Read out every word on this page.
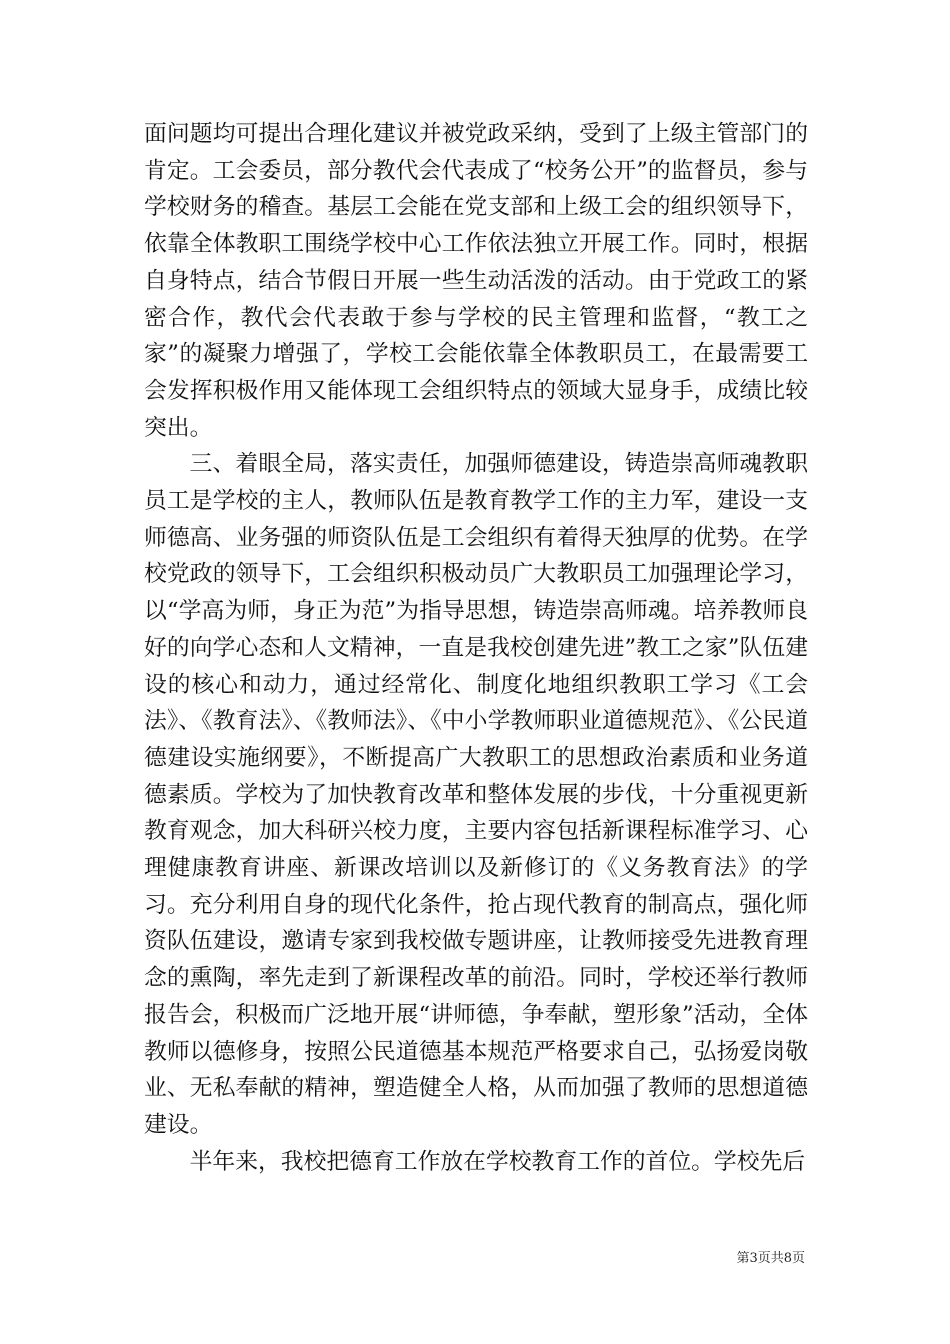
面问题均可提出合理化建议并被党政采纳，受到了上级主管部门的肯定。工会委员，部分教代会代表成了“校务公开”的监督员，参与学校财务的稽查。基层工会能在党支部和上级工会的组织领导下，依靠全体教职工围绕学校中心工作依法独立开展工作。同时，根据自身特点，结合节假日开展一些生动活泼的活动。由于党政工的紧密合作，教代会代表敢于参与学校的民主管理和监督，“教工之家”的凝聚力增强了，学校工会能依靠全体教职员工，在最需要工会发挥积极作用又能体现工会组织特点的领域大显身手，成绩比较突出。

三、着眼全局，落实责任，加强师德建设，铸造崇高师魂教职员工是学校的主人，教师队伍是教育教学工作的主力军，建设一支师德高、业务强的师资队伍是工会组织有着得天独厚的优势。在学校党政的领导下，工会组织积极动员广大教职员工加强理论学习，以“学高为师，身正为范”为指导思想，铸造崇高师魂。培养教师良好的向学心态和人文精神，一直是我校创建先进”教工之家”队伍建设的核心和动力，通过经常化、制度化地组织教职工学习《工会法》、《教育法》、《教师法》、《中小学教师职业道德规范》、《公民道德建设实施纲要》，不断提高广大教职工的思想政治素质和业务道德素质。学校为了加快教育改革和整体发展的步伐，十分重视更新教育观念，加大科研兴校力度，主要内容包括新课程标准学习、心理健康教育讲座、新课改培训以及新修订的《义务教育法》的学习。充分利用自身的现代化条件，抢占现代教育的制高点，强化师资队伍建设，邀请专家到我校做专题讲座，让教师接受先进教育理念的熏陶，率先走到了新课程改革的前沿。同时，学校还举行教师报告会，积极而广泛地开展“讲师德，争奉献，塑形象”活动，全体教师以德修身，按照公民道德基本规范严格要求自己，弘扬爱岗敬业、无私奉献的精神，塑造健全人格，从而加强了教师的思想道德建设。

半年来，我校把德育工作放在学校教育工作的首位。学校先后

第3页共8页
